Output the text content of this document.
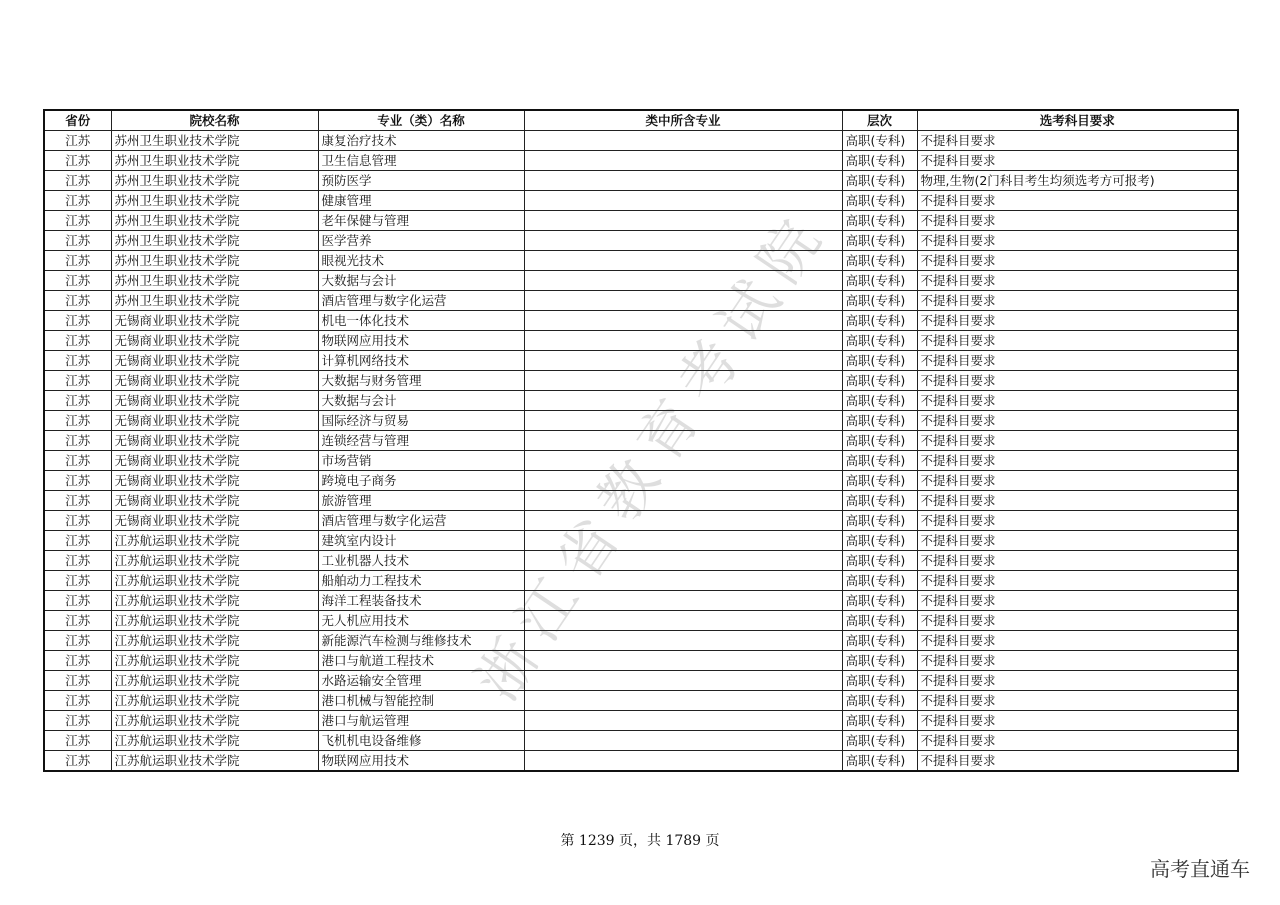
浙江省教育考试院
省份	院校名称	专业（类）名称	类中所含专业	层次	选考科目要求
江苏	苏州卫生职业技术学院	康复治疗技术		高职(专科)	不提科目要求
江苏	苏州卫生职业技术学院	卫生信息管理		高职(专科)	不提科目要求
江苏	苏州卫生职业技术学院	预防医学		高职(专科)	物理,生物(2门科目考生均须选考方可报考)
江苏	苏州卫生职业技术学院	健康管理		高职(专科)	不提科目要求
江苏	苏州卫生职业技术学院	老年保健与管理		高职(专科)	不提科目要求
江苏	苏州卫生职业技术学院	医学营养		高职(专科)	不提科目要求
江苏	苏州卫生职业技术学院	眼视光技术		高职(专科)	不提科目要求
江苏	苏州卫生职业技术学院	大数据与会计		高职(专科)	不提科目要求
江苏	苏州卫生职业技术学院	酒店管理与数字化运营		高职(专科)	不提科目要求
江苏	无锡商业职业技术学院	机电一体化技术		高职(专科)	不提科目要求
江苏	无锡商业职业技术学院	物联网应用技术		高职(专科)	不提科目要求
江苏	无锡商业职业技术学院	计算机网络技术		高职(专科)	不提科目要求
江苏	无锡商业职业技术学院	大数据与财务管理		高职(专科)	不提科目要求
江苏	无锡商业职业技术学院	大数据与会计		高职(专科)	不提科目要求
江苏	无锡商业职业技术学院	国际经济与贸易		高职(专科)	不提科目要求
江苏	无锡商业职业技术学院	连锁经营与管理		高职(专科)	不提科目要求
江苏	无锡商业职业技术学院	市场营销		高职(专科)	不提科目要求
江苏	无锡商业职业技术学院	跨境电子商务		高职(专科)	不提科目要求
江苏	无锡商业职业技术学院	旅游管理		高职(专科)	不提科目要求
江苏	无锡商业职业技术学院	酒店管理与数字化运营		高职(专科)	不提科目要求
江苏	江苏航运职业技术学院	建筑室内设计		高职(专科)	不提科目要求
江苏	江苏航运职业技术学院	工业机器人技术		高职(专科)	不提科目要求
江苏	江苏航运职业技术学院	船舶动力工程技术		高职(专科)	不提科目要求
江苏	江苏航运职业技术学院	海洋工程装备技术		高职(专科)	不提科目要求
江苏	江苏航运职业技术学院	无人机应用技术		高职(专科)	不提科目要求
江苏	江苏航运职业技术学院	新能源汽车检测与维修技术		高职(专科)	不提科目要求
江苏	江苏航运职业技术学院	港口与航道工程技术		高职(专科)	不提科目要求
江苏	江苏航运职业技术学院	水路运输安全管理		高职(专科)	不提科目要求
江苏	江苏航运职业技术学院	港口机械与智能控制		高职(专科)	不提科目要求
江苏	江苏航运职业技术学院	港口与航运管理		高职(专科)	不提科目要求
江苏	江苏航运职业技术学院	飞机机电设备维修		高职(专科)	不提科目要求
江苏	江苏航运职业技术学院	物联网应用技术		高职(专科)	不提科目要求
第 1239 页，共 1789 页
高考直通车
